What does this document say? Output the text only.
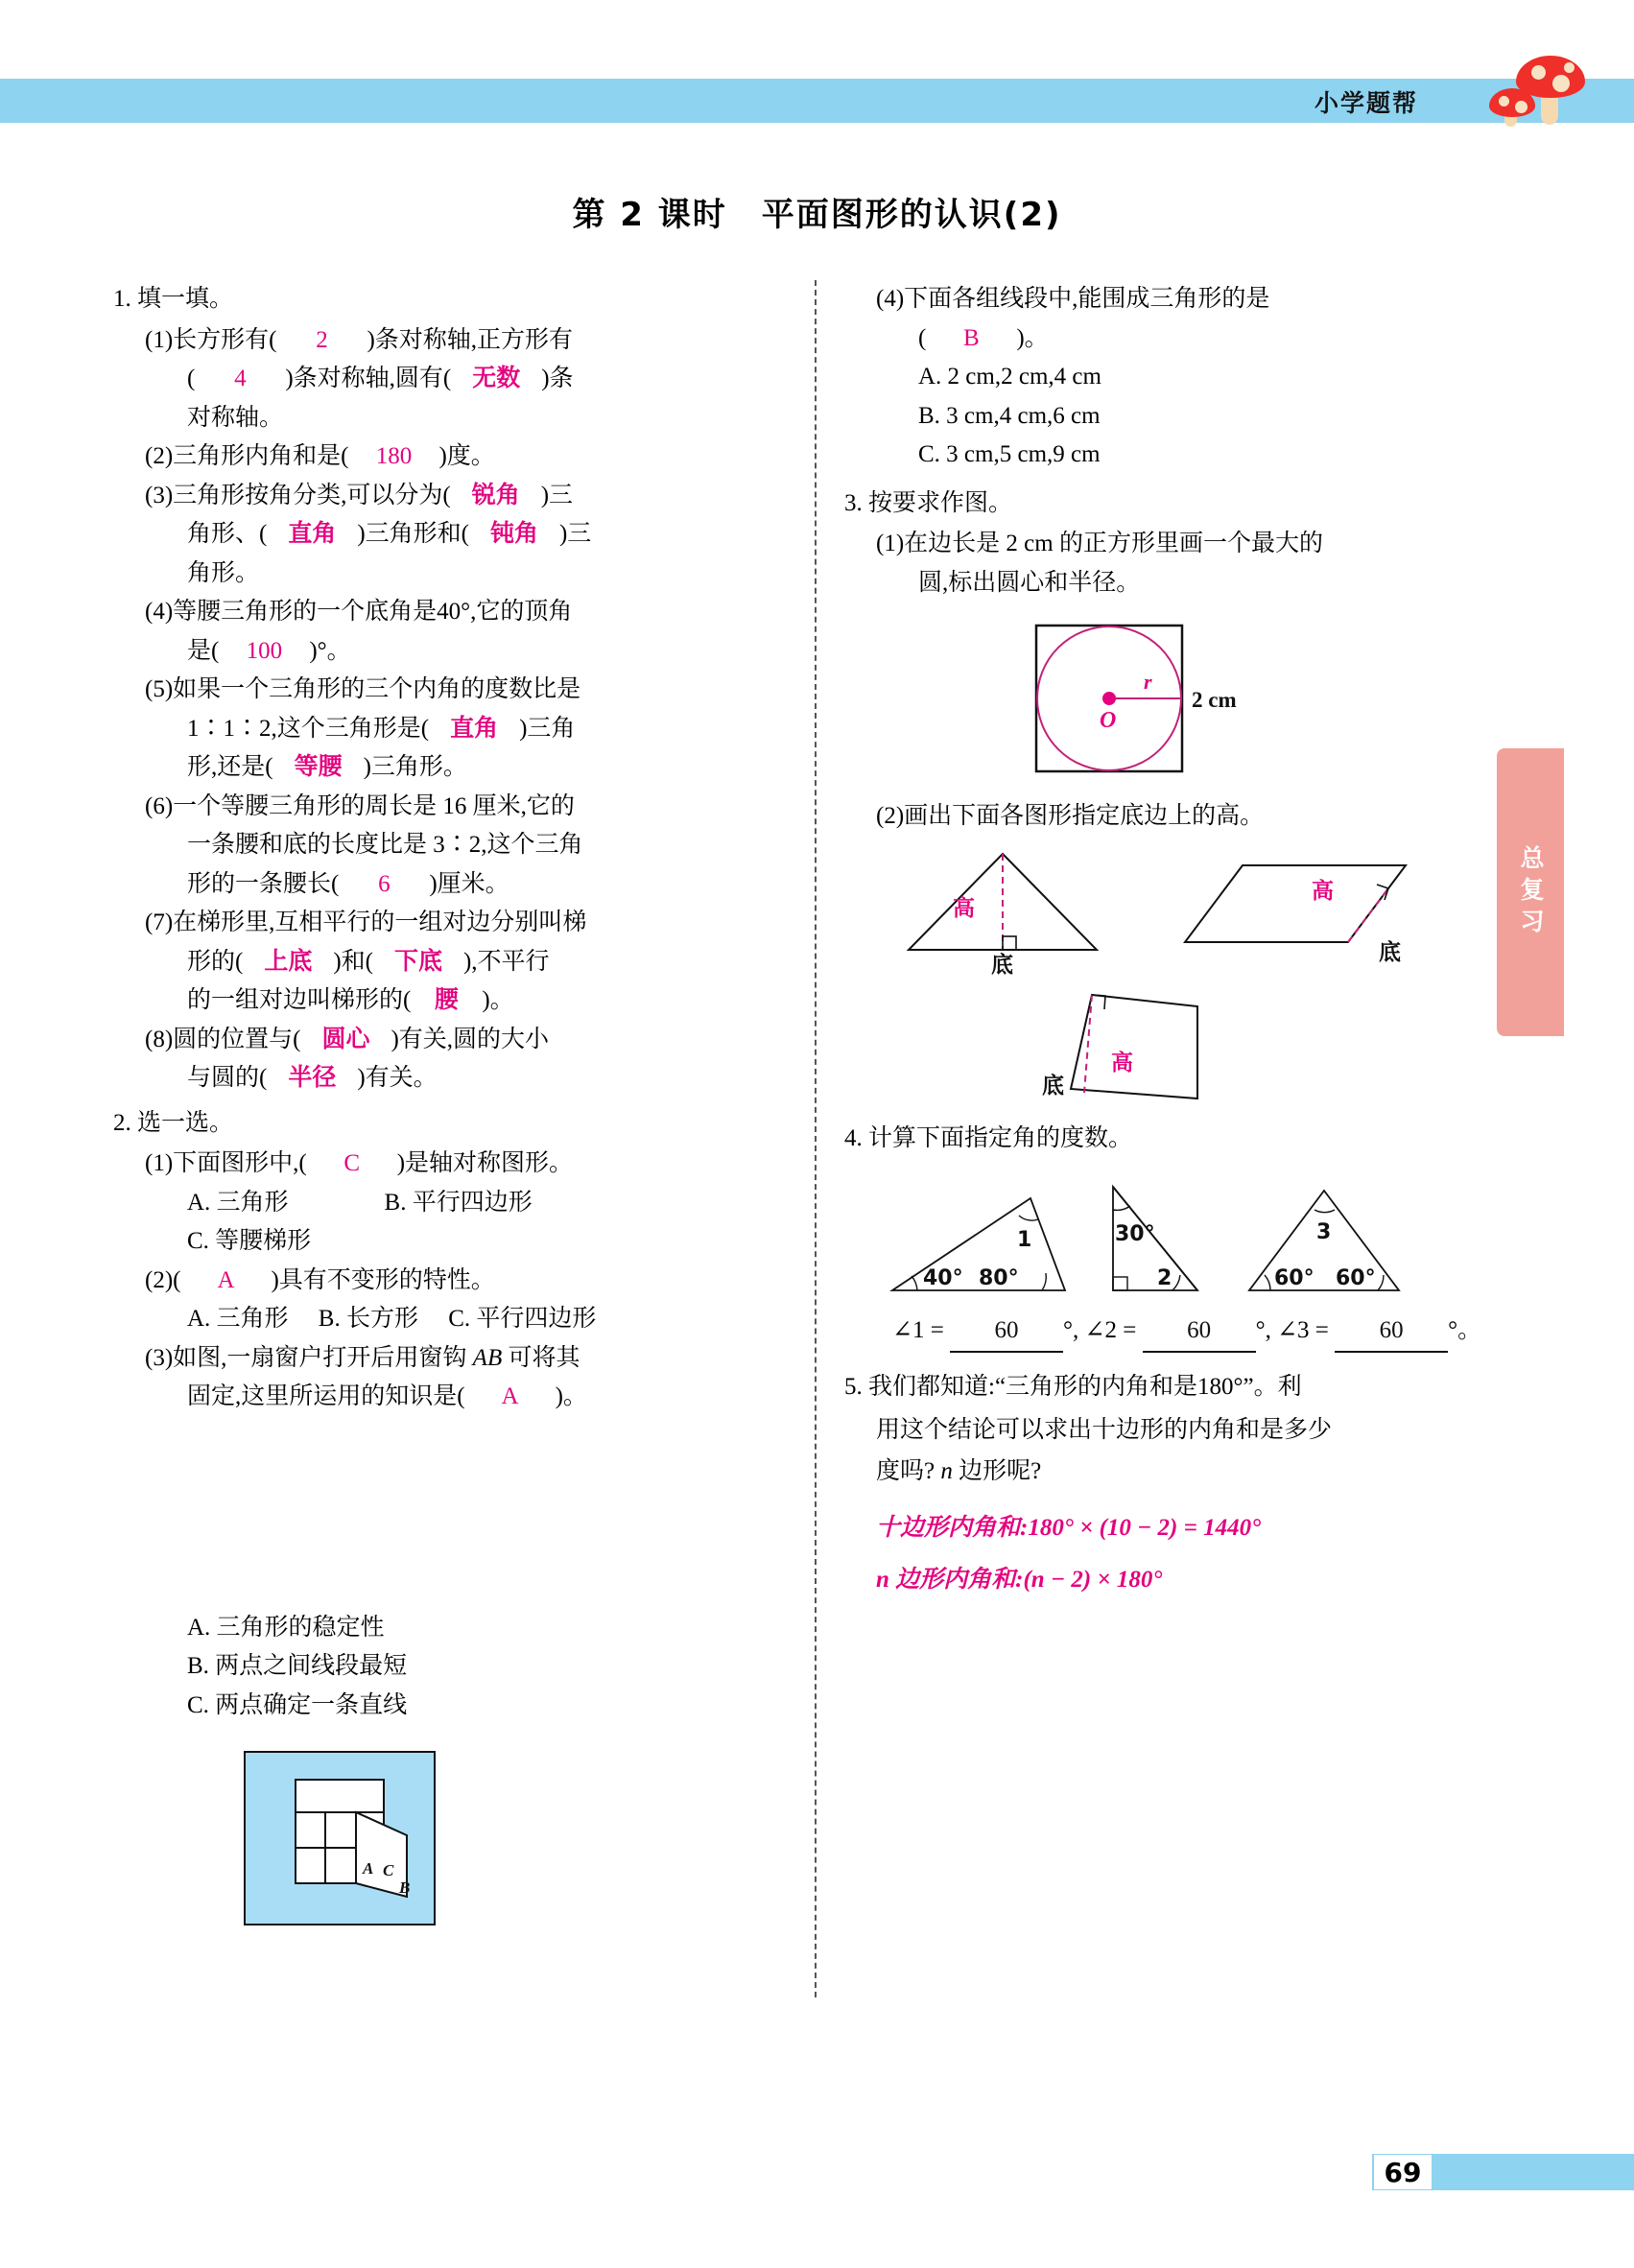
小学题帮
总复习
第 2 课时　平面图形的认识(2)
1. 填一填。
(1)长方形有( 2 )条对称轴,正方形有
( 4 )条对称轴,圆有( 无数 )条
对称轴。
(2)三角形内角和是( 180 )度。
(3)三角形按角分类,可以分为( 锐角 )三
角形、( 直角 )三角形和( 钝角 )三
角形。
(4)等腰三角形的一个底角是40°,它的顶角
是( 100 )°。
(5)如果一个三角形的三个内角的度数比是
1∶1∶2,这个三角形是( 直角 )三角
形,还是( 等腰 )三角形。
(6)一个等腰三角形的周长是 16 厘米,它的
一条腰和底的长度比是 3∶2,这个三角
形的一条腰长( 6 )厘米。
(7)在梯形里,互相平行的一组对边分别叫梯
形的( 上底 )和( 下底 ),不平行
的一组对边叫梯形的( 腰 )。
(8)圆的位置与( 圆心 )有关,圆的大小
与圆的( 半径 )有关。
2. 选一选。
(1)下面图形中,( C )是轴对称图形。
A. 三角形　　　　B. 平行四边形
C. 等腰梯形
(2)( A )具有不变形的特性。
A. 三角形　 B. 长方形　 C. 平行四边形
(3)如图,一扇窗户打开后用窗钩 AB 可将其
固定,这里所运用的知识是( A )。
A. 三角形的稳定性
B. 两点之间线段最短
C. 两点确定一条直线
A C
B
(4)下面各组线段中,能围成三角形的是
( B )。
A. 2 cm,2 cm,4 cm
B. 3 cm,4 cm,6 cm
C. 3 cm,5 cm,9 cm
3. 按要求作图。
(1)在边长是 2 cm 的正方形里画一个最大的
圆,标出圆心和半径。
r
O
2 cm
(2)画出下面各图形指定底边上的高。
高
底
高
底
底
高
4. 计算下面指定角的度数。
40° 80°
1	30°
2
3
60° 60°
∠1 = 60 °, ∠2 = 60 °, ∠3 = 60 °。
5. 我们都知道:“三角形的内角和是180°”。利
用这个结论可以求出十边形的内角和是多少
度吗? n 边形呢?
十边形内角和:180° × (10 − 2) = 1440°
n 边形内角和:(n − 2) × 180°
69
